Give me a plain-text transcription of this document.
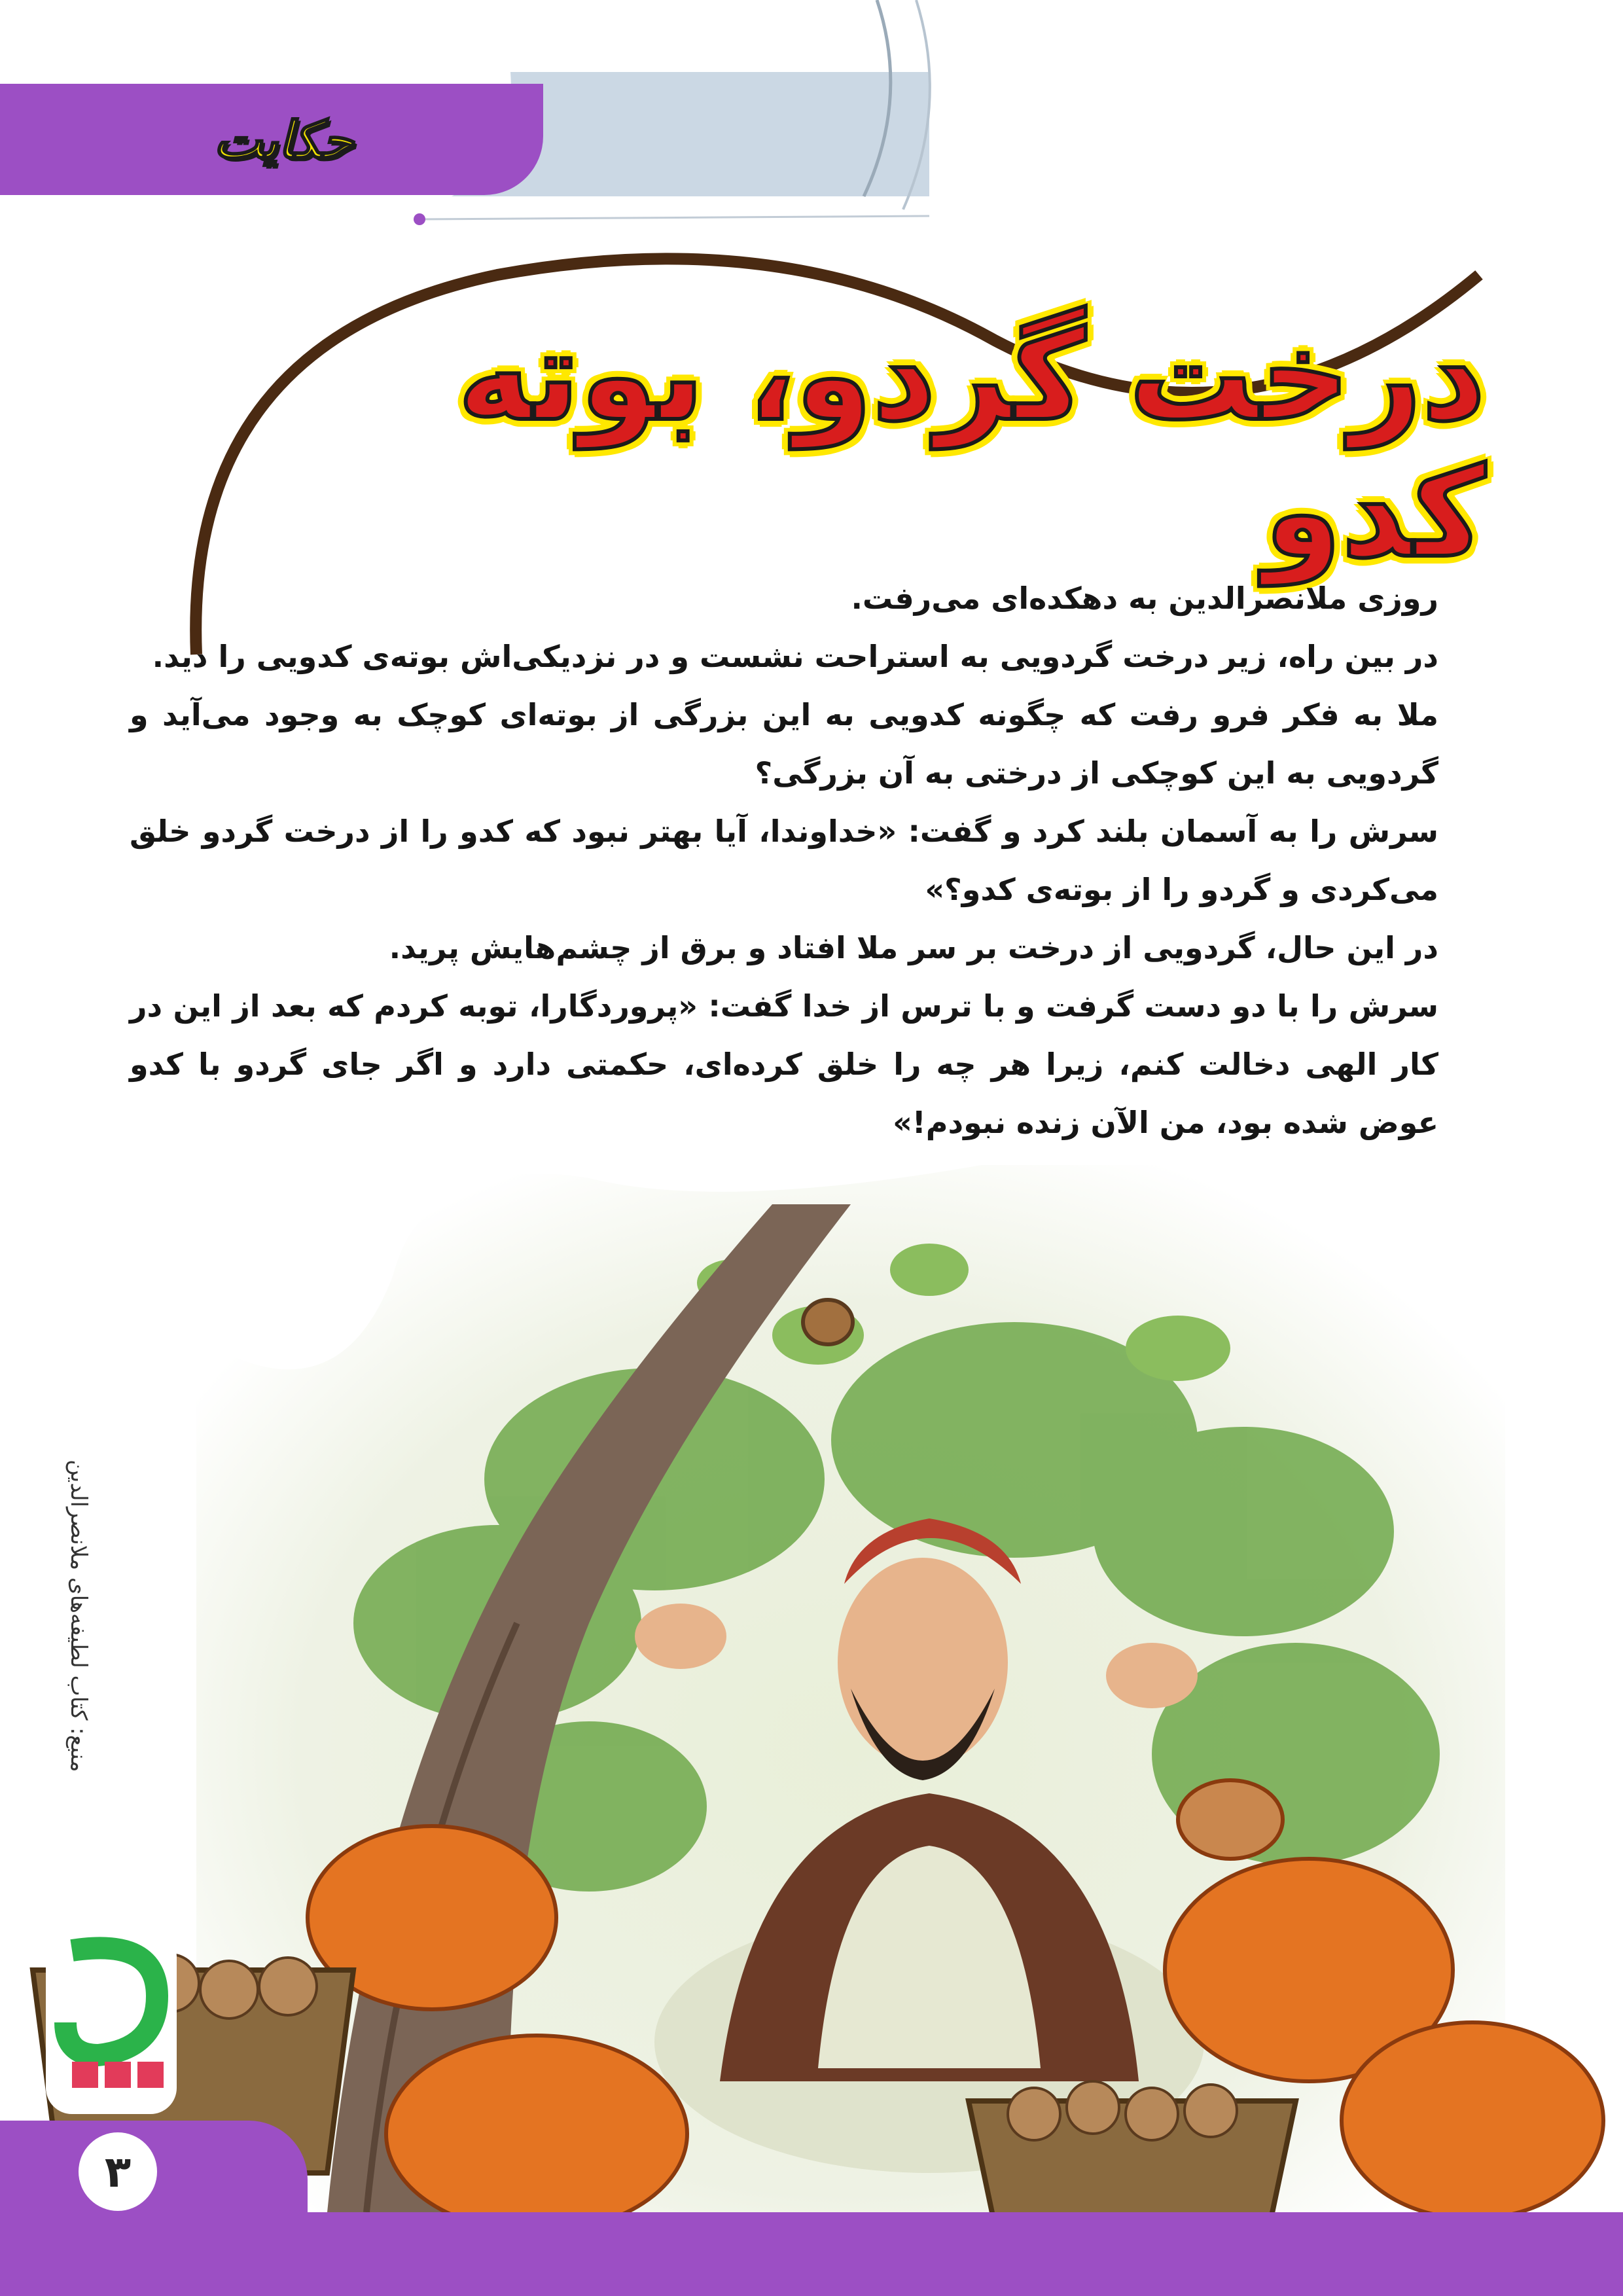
حکایت
درخت گردو، بوته کدو

روزی ملانصرالدین به دهکده‌ای می‌رفت.

در بین راه، زیر درخت گردویی به استراحت نشست و در نزدیکی‌اش بوته‌ی کدویی را دید.

ملا به فکر فرو رفت که چگونه کدویی به این بزرگی از بوته‌ای کوچک به وجود می‌آید و گردویی به این کوچکی از درختی به آن بزرگی؟

سرش را به آسمان بلند کرد و گفت: «خداوندا، آیا بهتر نبود که کدو را از درخت گردو خلق می‌کردی و گردو را از بوته‌ی کدو؟»

در این حال، گردویی از درخت بر سر ملا افتاد و برق از چشم‌هایش پرید.

سرش را با دو دست گرفت و با ترس از خدا گفت: «پروردگارا، توبه کردم که بعد از این در کار الهی دخالت کنم، زیرا هر چه را خلق کرده‌ای، حکمتی دارد و اگر جای گردو با کدو عوض شده بود، من الآن زنده نبودم!»

منبع: کتاب لطیفه‌های ملانصرالدین
۳
